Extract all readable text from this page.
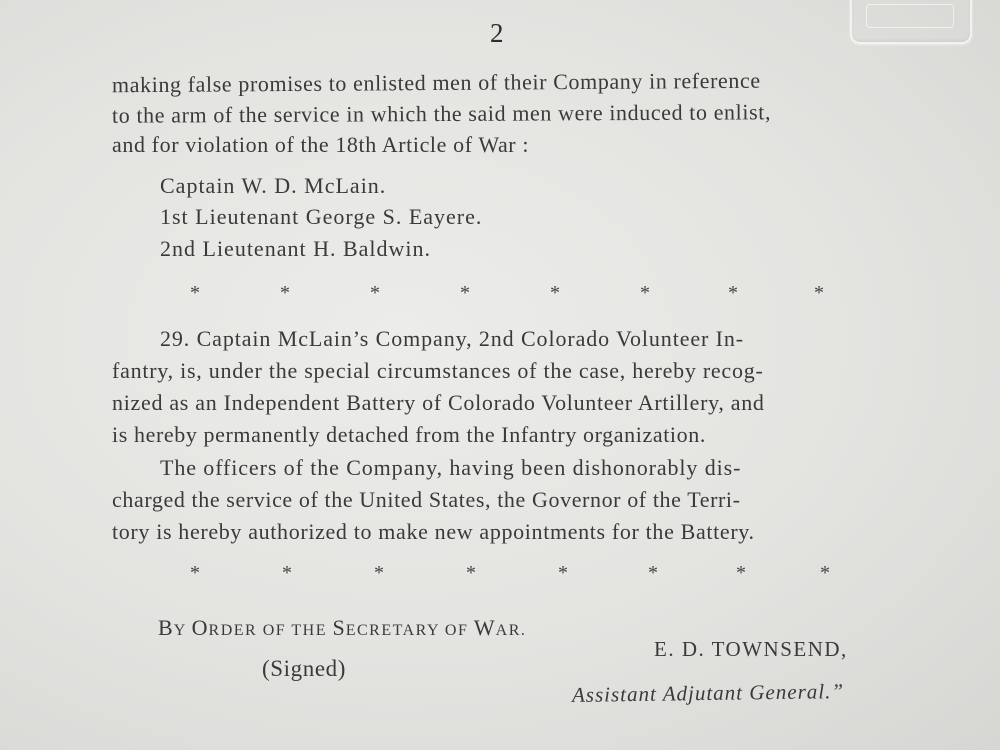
2
making false promises to enlisted men of their Company in reference
to the arm of the service in which the said men were induced to enlist,
and for violation of the 18th Article of War :
Captain W. D. McLain.
1st Lieutenant George S. Eayere.
2nd Lieutenant H. Baldwin.
*	*	*	*	*	*	*	*
29. Captain McLain’s Company, 2nd Colorado Volunteer In-
fantry, is, under the special circumstances of the case, hereby recog-
nized as an Independent Battery of Colorado Volunteer Artillery, and
is hereby permanently detached from the Infantry organization.
The officers of the Company, having been dishonorably dis-
charged the service of the United States, the Governor of the Terri-
tory is hereby authorized to make new appointments for the Battery.
*	*	*	*	*	*	*	*
BY ORDER OF THE SECRETARY OF WAR.
(Signed)
E. D. TOWNSEND,
Assistant Adjutant General.”
